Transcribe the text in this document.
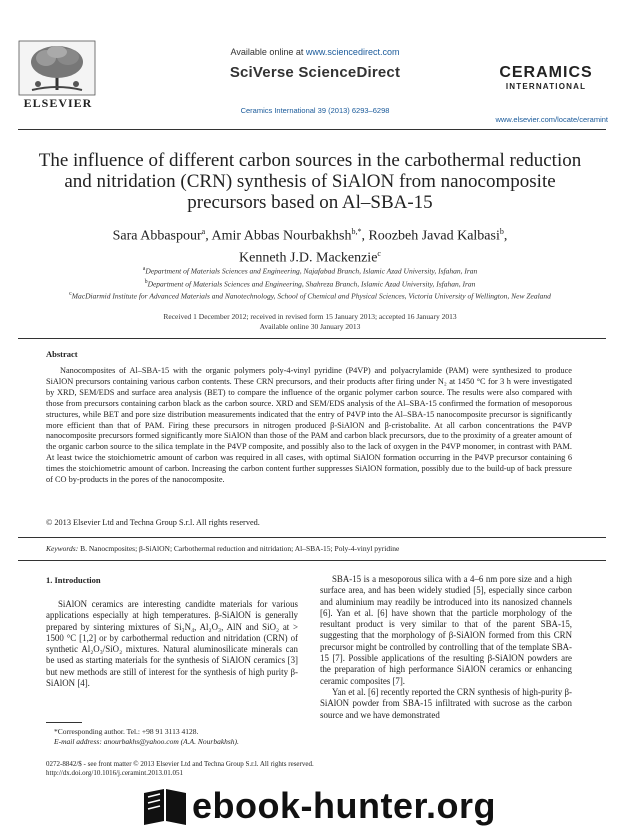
ELSEVIER
Available online at www.sciencedirect.com
SciVerse ScienceDirect
Ceramics International 39 (2013) 6293–6298
CERAMICS
INTERNATIONAL
www.elsevier.com/locate/ceramint
The influence of different carbon sources in the carbothermal reduction
and nitridation (CRN) synthesis of SiAlON from nanocomposite
precursors based on Al–SBA-15
Sara Abbaspour$^a$, Amir Abbas Nourbakhsh$^{b,*}$, Roozbeh Javad Kalbasi$^b$,
Kenneth J.D. Mackenzie$^c$
$^a$Department of Materials Sciences and Engineering, Najafabad Branch, Islamic Azad University, Isfahan, Iran
$^b$Department of Materials Sciences and Engineering, Shahreza Branch, Islamic Azad University, Isfahan, Iran
$^c$MacDiarmid Institute for Advanced Materials and Nanotechnology, School of Chemical and Physical Sciences, Victoria University of Wellington, New Zealand
Received 1 December 2012; received in revised form 15 January 2013; accepted 16 January 2013
Available online 30 January 2013
Abstract

Nanocomposites of Al–SBA-15 with the organic polymers poly-4-vinyl pyridine (P4VP) and polyacrylamide (PAM) were synthesized to produce SiAlON precursors containing various carbon contents. These CRN precursors, and their products after firing under N₂ at 1450 °C for 3 h were investigated by XRD, SEM/EDS and surface area analysis (BET) to compare the influence of the organic polymer carbon source. The results were also compared with those from precursors containing carbon black as the carbon source. XRD and SEM/EDS analysis of the Al–SBA-15 confirmed the formation of mesoporous structures, while BET and pore size distribution measurements indicated that the entry of P4VP into the Al–SBA-15 nanocomposite precursor is significantly more efficient than that of PAM. Firing these precursors in nitrogen produced β-SiAlON and β-cristobalite. At all carbon concentrations the P4VP nanocomposite precursors formed significantly more SiAlON than those of the PAM and carbon black precursors, due to the proximity of a greater amount of the organic carbon source to the silica template in the P4VP composite, and possibly also to the lack of oxygen in the P4VP monomer, in contrast with PAM. At least twice the stoichiometric amount of carbon was required in all cases, with optimal SiAlON formation occurring in the P4VP precursor containing 6 times the stoichiometric amount of carbon. Increasing the carbon content further suppresses SiAlON formation, possibly due to the build-up of back pressure of CO by-products in the pores of the nanocomposite.

© 2013 Elsevier Ltd and Techna Group S.r.l. All rights reserved.
Keywords: B. Nanocmposites; β-SiAlON; Carbothermal reduction and nitridation; Al–SBA-15; Poly-4-vinyl pyridine
1. Introduction

SiAlON ceramics are interesting candidte materials for various applications especially at high temperatures. β-SiAlON is generally prepared by sintering mixtures of Si₃N₄, Al₂O₃, AlN and SiO₂ at > 1500 °C [1,2] or by carbothermal reduction and nitridation (CRN) of synthetic Al₂O₃/SiO₂ mixtures. Natural aluminosilicate minerals can be used as starting materials for the synthesis of SiAlON ceramics [3] but new methods are still of interest for the synthesis of high purity β-SiAlON [4].

SBA-15 is a mesoporous silica with a 4–6 nm pore size and a high surface area, and has been widely studied [5], especially since carbon and aluminium may readily be introduced into its nanosized channels [6]. Yan et al. [6] have shown that the particle morphology of the resultant product is very similar to that of the parent SBA-15, suggesting that the morphology of β-SiAlON formed from this CRN precursor might be controlled by controlling that of the template SBA-15 [7]. Possible applications of the resulting β-SiAlON powders are the preparation of high performance SiAlON ceramics or enhancing ceramic composites [7].

Yan et al. [6] recently reported the CRN synthesis of high-purity β-SiAlON powder from SBA-15 infiltrated with sucrose as the carbon source and we have demonstrated

*Corresponding author. Tel.: +98 91 3113 4128.
E-mail address: anourbakhs@yahoo.com (A.A. Nourbakhsh).
0272-8842/$ - see front matter © 2013 Elsevier Ltd and Techna Group S.r.l. All rights reserved.
http://dx.doi.org/10.1016/j.ceramint.2013.01.051
ebook-hunter.org
